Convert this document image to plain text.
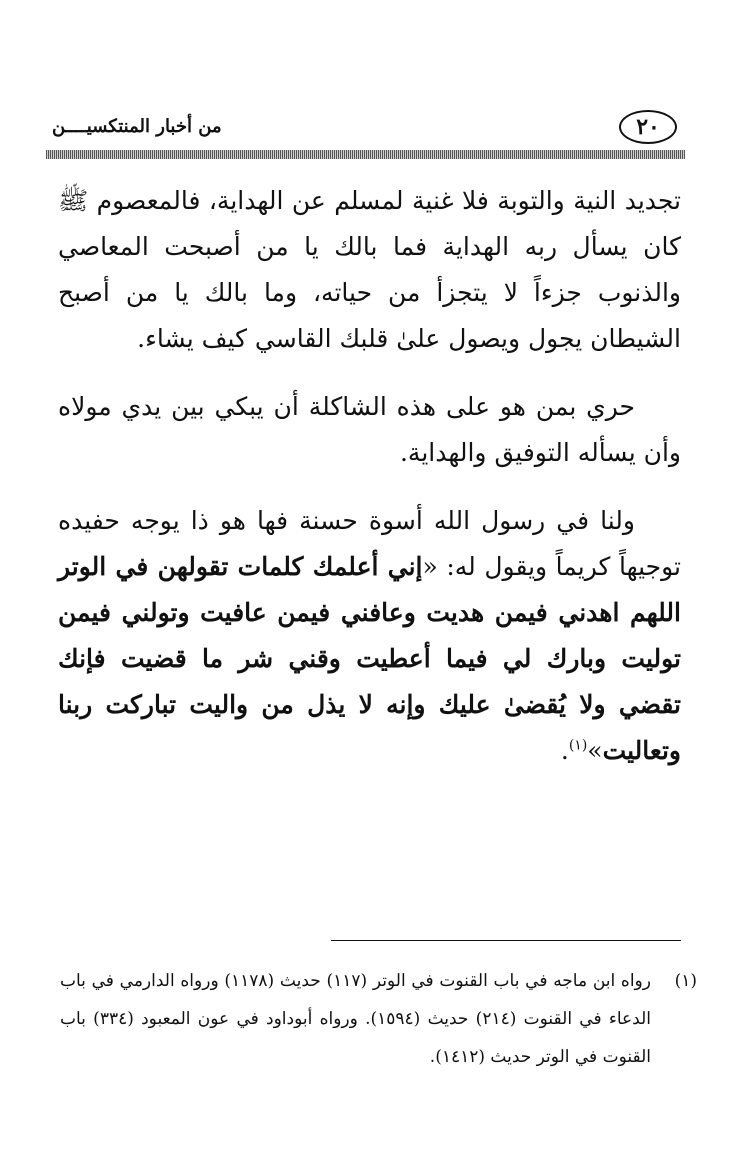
٢٠
من أخبار المنتكسيــــن

تجديد النية والتوبة فلا غنية لمسلم عن الهداية، فالمعصوم ﷺ كان يسأل ربه الهداية فما بالك يا من أصبحت المعاصي والذنوب جزءاً لا يتجزأ من حياته، وما بالك يا من أصبح الشيطان يجول ويصول علىٰ قلبك القاسي كيف يشاء.

حري بمن هو على هذه الشاكلة أن يبكي بين يدي مولاه وأن يسأله التوفيق والهداية.

ولنا في رسول الله أسوة حسنة فها هو ذا يوجه حفيده توجيهاً كريماً ويقول له: «إني أعلمك كلمات تقولهن في الوتر اللهم اهدني فيمن هديت وعافني فيمن عافيت وتولني فيمن توليت وبارك لي فيما أعطيت وقني شر ما قضيت فإنك تقضي ولا يُقضىٰ عليك وإنه لا يذل من واليت تباركت ربنا وتعاليت»$^{(١)}$.

(١)
رواه ابن ماجه في باب القنوت في الوتر (١١٧) حديث (١١٧٨) ورواه الدارمي في باب الدعاء في القنوت (٢١٤) حديث (١٥٩٤). ورواه أبوداود في عون المعبود (٣٣٤) باب القنوت في الوتر حديث (١٤١٢).
